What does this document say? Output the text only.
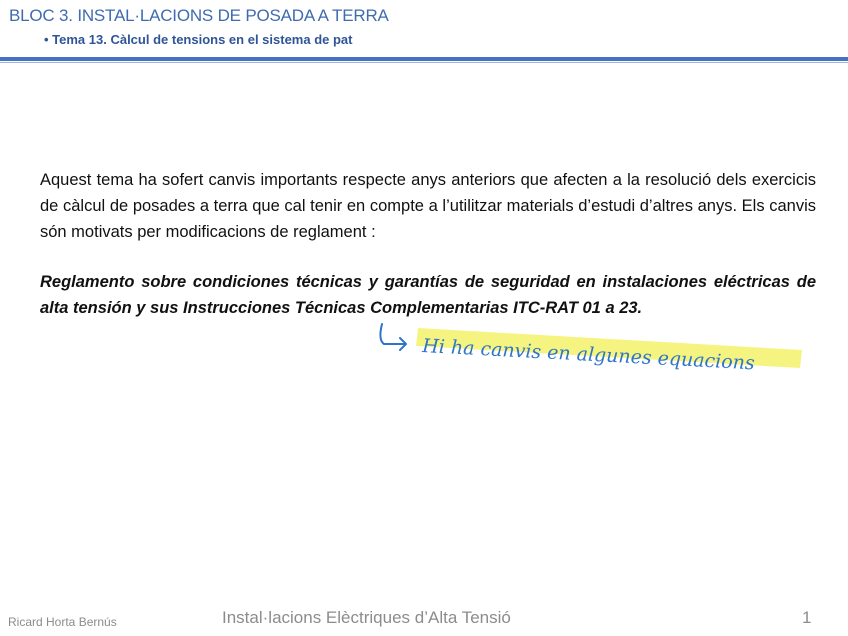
BLOC 3. INSTAL·LACIONS DE POSADA A TERRA
• Tema 13. Càlcul de tensions en el sistema de pat

Aquest tema ha sofert canvis importants respecte anys anteriors que afecten a la resolució dels exercicis de càlcul de posades a terra que cal tenir en compte a l’utilitzar materials d’estudi d’altres anys. Els canvis són motivats per modificacions de reglament :

Reglamento sobre condiciones técnicas y garantías de seguridad en instalaciones eléctricas de alta tensión y sus Instrucciones Técnicas Complementarias ITC-RAT 01 a 23.

Hi ha canvis en algunes equacions
Ricard Horta Bernús	Instal·lacions Elèctriques d’Alta Tensió	1
